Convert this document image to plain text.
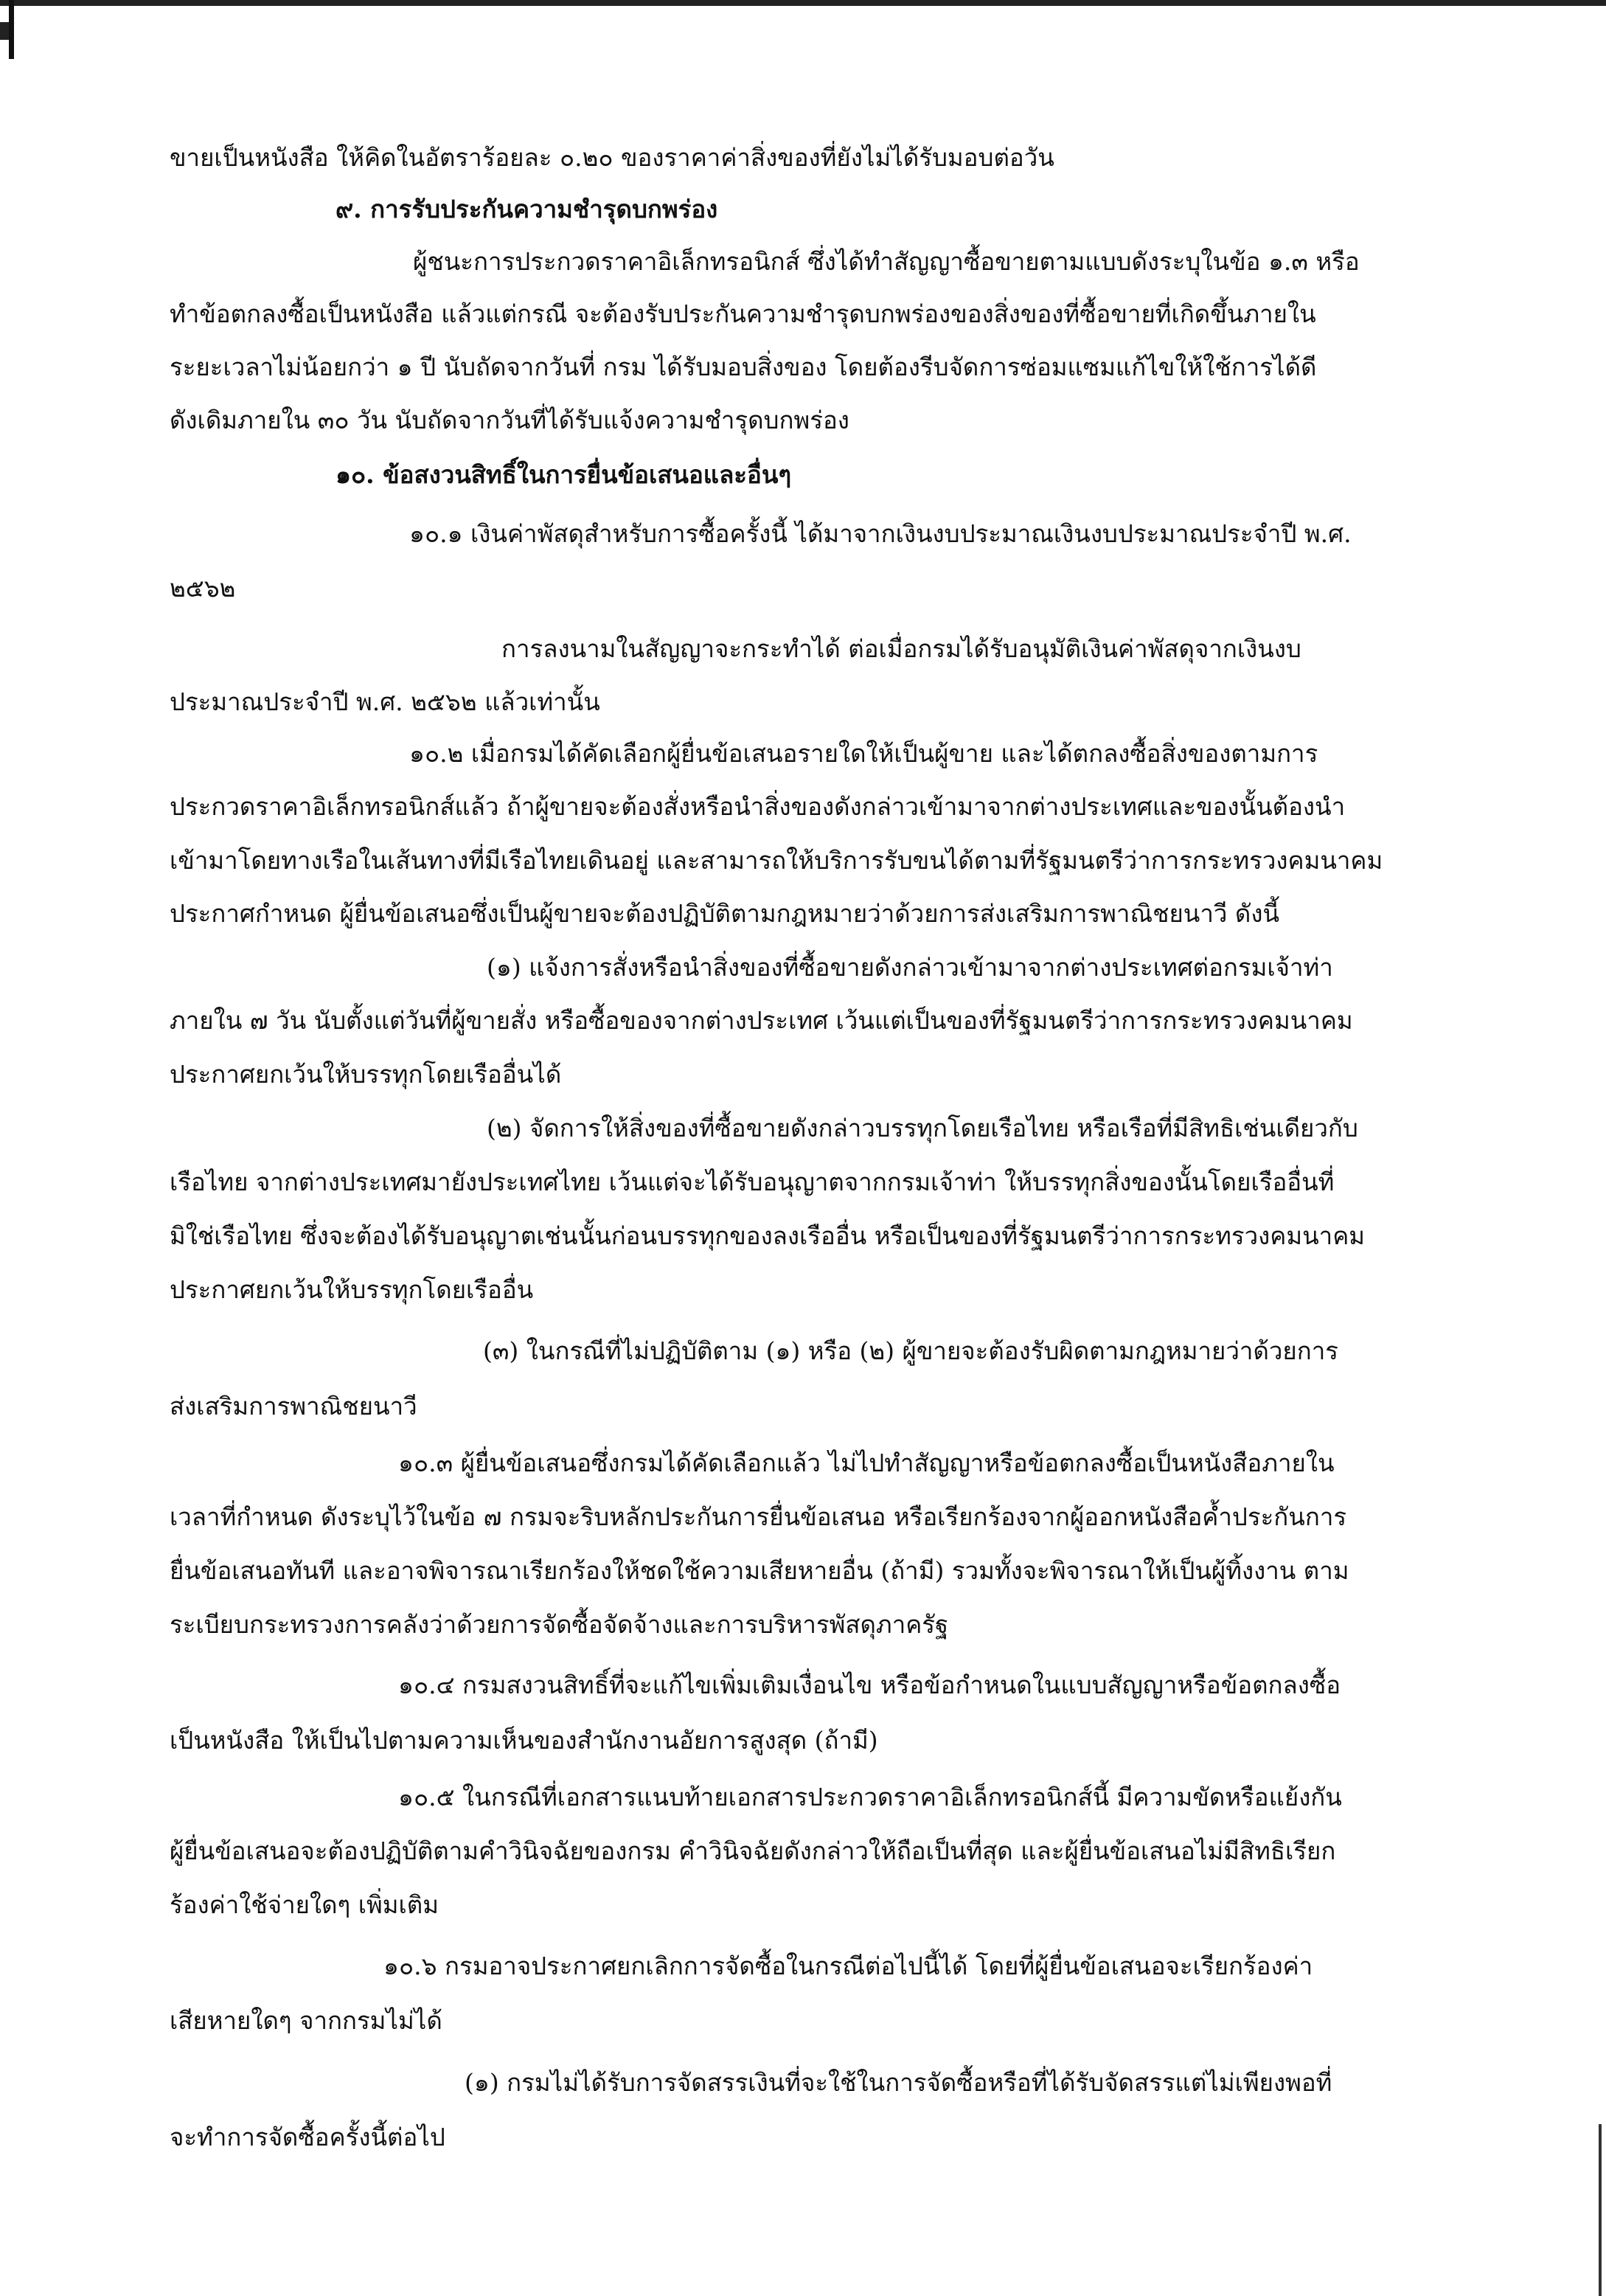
ขายเป็นหนังสือ ให้คิดในอัตราร้อยละ ๐.๒๐ ของราคาค่าสิ่งของที่ยังไม่ได้รับมอบต่อวัน
๙. การรับประกันความชำรุดบกพร่อง
ผู้ชนะการประกวดราคาอิเล็กทรอนิกส์ ซึ่งได้ทำสัญญาซื้อขายตามแบบดังระบุในข้อ ๑.๓ หรือ
ทำข้อตกลงซื้อเป็นหนังสือ แล้วแต่กรณี จะต้องรับประกันความชำรุดบกพร่องของสิ่งของที่ซื้อขายที่เกิดขึ้นภายใน
ระยะเวลาไม่น้อยกว่า ๑ ปี นับถัดจากวันที่ กรม ได้รับมอบสิ่งของ โดยต้องรีบจัดการซ่อมแซมแก้ไขให้ใช้การได้ดี
ดังเดิมภายใน ๓๐ วัน นับถัดจากวันที่ได้รับแจ้งความชำรุดบกพร่อง
๑๐. ข้อสงวนสิทธิ์ในการยื่นข้อเสนอและอื่นๆ
๑๐.๑ เงินค่าพัสดุสำหรับการซื้อครั้งนี้ ได้มาจากเงินงบประมาณเงินงบประมาณประจำปี พ.ศ.
๒๕๖๒
การลงนามในสัญญาจะกระทำได้ ต่อเมื่อกรมได้รับอนุมัติเงินค่าพัสดุจากเงินงบ
ประมาณประจำปี พ.ศ. ๒๕๖๒ แล้วเท่านั้น
๑๐.๒ เมื่อกรมได้คัดเลือกผู้ยื่นข้อเสนอรายใดให้เป็นผู้ขาย และได้ตกลงซื้อสิ่งของตามการ
ประกวดราคาอิเล็กทรอนิกส์แล้ว ถ้าผู้ขายจะต้องสั่งหรือนำสิ่งของดังกล่าวเข้ามาจากต่างประเทศและของนั้นต้องนำ
เข้ามาโดยทางเรือในเส้นทางที่มีเรือไทยเดินอยู่ และสามารถให้บริการรับขนได้ตามที่รัฐมนตรีว่าการกระทรวงคมนาคม
ประกาศกำหนด ผู้ยื่นข้อเสนอซึ่งเป็นผู้ขายจะต้องปฏิบัติตามกฎหมายว่าด้วยการส่งเสริมการพาณิชยนาวี ดังนี้
(๑) แจ้งการสั่งหรือนำสิ่งของที่ซื้อขายดังกล่าวเข้ามาจากต่างประเทศต่อกรมเจ้าท่า
ภายใน ๗ วัน นับตั้งแต่วันที่ผู้ขายสั่ง หรือซื้อของจากต่างประเทศ เว้นแต่เป็นของที่รัฐมนตรีว่าการกระทรวงคมนาคม
ประกาศยกเว้นให้บรรทุกโดยเรืออื่นได้
(๒) จัดการให้สิ่งของที่ซื้อขายดังกล่าวบรรทุกโดยเรือไทย หรือเรือที่มีสิทธิเช่นเดียวกับ
เรือไทย จากต่างประเทศมายังประเทศไทย เว้นแต่จะได้รับอนุญาตจากกรมเจ้าท่า ให้บรรทุกสิ่งของนั้นโดยเรืออื่นที่
มิใช่เรือไทย ซึ่งจะต้องได้รับอนุญาตเช่นนั้นก่อนบรรทุกของลงเรืออื่น หรือเป็นของที่รัฐมนตรีว่าการกระทรวงคมนาคม
ประกาศยกเว้นให้บรรทุกโดยเรืออื่น
(๓) ในกรณีที่ไม่ปฏิบัติตาม (๑) หรือ (๒) ผู้ขายจะต้องรับผิดตามกฎหมายว่าด้วยการ
ส่งเสริมการพาณิชยนาวี
๑๐.๓ ผู้ยื่นข้อเสนอซึ่งกรมได้คัดเลือกแล้ว ไม่ไปทำสัญญาหรือข้อตกลงซื้อเป็นหนังสือภายใน
เวลาที่กำหนด ดังระบุไว้ในข้อ ๗ กรมจะริบหลักประกันการยื่นข้อเสนอ หรือเรียกร้องจากผู้ออกหนังสือค้ำประกันการ
ยื่นข้อเสนอทันที และอาจพิจารณาเรียกร้องให้ชดใช้ความเสียหายอื่น (ถ้ามี) รวมทั้งจะพิจารณาให้เป็นผู้ทิ้งงาน ตาม
ระเบียบกระทรวงการคลังว่าด้วยการจัดซื้อจัดจ้างและการบริหารพัสดุภาครัฐ
๑๐.๔ กรมสงวนสิทธิ์ที่จะแก้ไขเพิ่มเติมเงื่อนไข หรือข้อกำหนดในแบบสัญญาหรือข้อตกลงซื้อ
เป็นหนังสือ ให้เป็นไปตามความเห็นของสำนักงานอัยการสูงสุด (ถ้ามี)
๑๐.๕ ในกรณีที่เอกสารแนบท้ายเอกสารประกวดราคาอิเล็กทรอนิกส์นี้ มีความขัดหรือแย้งกัน
ผู้ยื่นข้อเสนอจะต้องปฏิบัติตามคำวินิจฉัยของกรม คำวินิจฉัยดังกล่าวให้ถือเป็นที่สุด และผู้ยื่นข้อเสนอไม่มีสิทธิเรียก
ร้องค่าใช้จ่ายใดๆ เพิ่มเติม
๑๐.๖ กรมอาจประกาศยกเลิกการจัดซื้อในกรณีต่อไปนี้ได้ โดยที่ผู้ยื่นข้อเสนอจะเรียกร้องค่า
เสียหายใดๆ จากกรมไม่ได้
(๑) กรมไม่ได้รับการจัดสรรเงินที่จะใช้ในการจัดซื้อหรือที่ได้รับจัดสรรแต่ไม่เพียงพอที่
จะทำการจัดซื้อครั้งนี้ต่อไป
